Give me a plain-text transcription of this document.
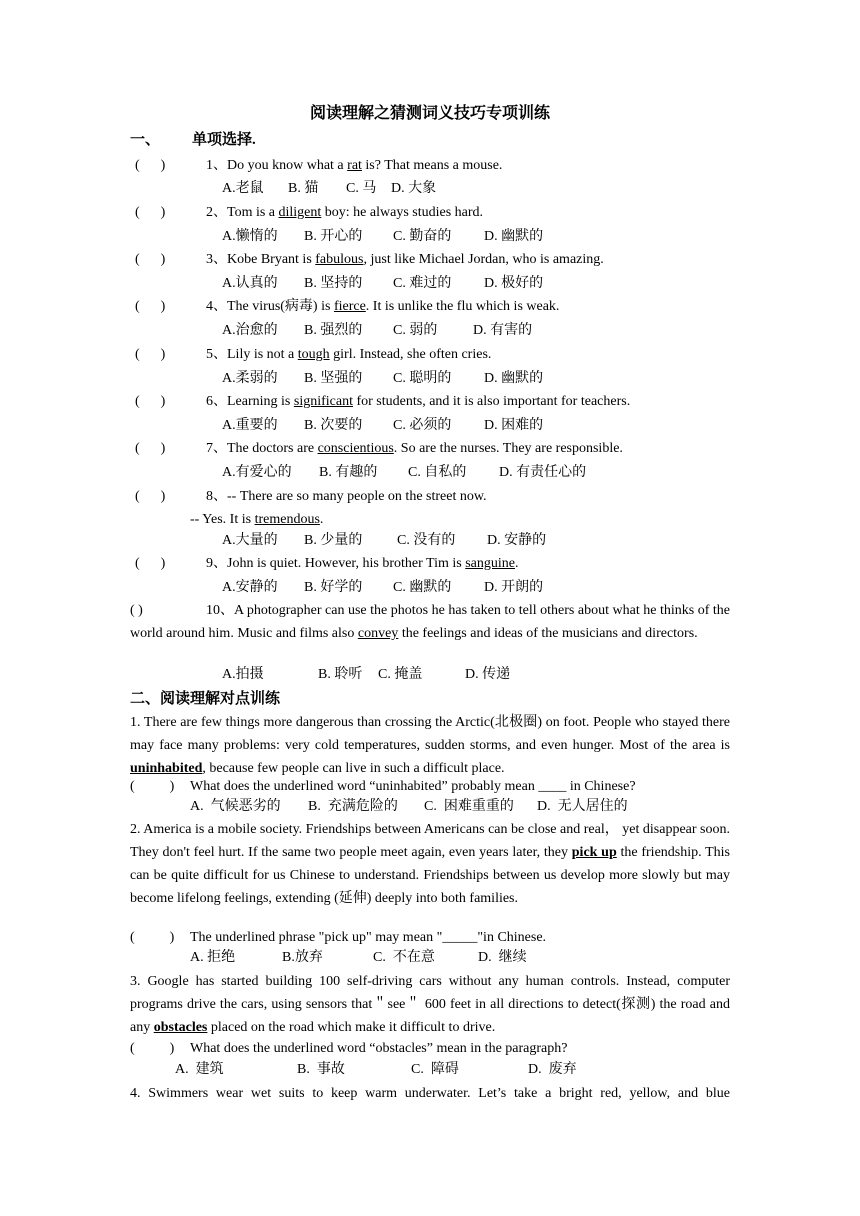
阅读理解之猜测词义技巧专项训练
一、 单项选择.
(      )	1、Do you know what a rat is? That means a mouse.
A.老鼠 B. 猫 C. 马 D. 大象
(      )	2、Tom is a diligent boy: he always studies hard.
A.懒惰的 B. 开心的 C. 勤奋的 D. 幽默的
(      )	3、Kobe Bryant is fabulous, just like Michael Jordan, who is amazing.
A.认真的 B. 坚持的 C. 难过的 D. 极好的
(      )	4、The virus(病毒) is fierce. It is unlike the flu which is weak.
A.治愈的 B. 强烈的 C. 弱的	D. 有害的
(      )	5、Lily is not a tough girl. Instead, she often cries.
A.柔弱的 B. 坚强的 C. 聪明的 D. 幽默的
(      )	6、Learning is significant for students, and it is also important for teachers.
A.重要的 B. 次要的 C. 必须的 D. 困难的
(      )	7、The doctors are conscientious. So are the nurses. They are responsible.
A.有爱心的 B. 有趣的 C. 自私的 D. 有责任心的
(      )	8、-- There are so many people on the street now.
-- Yes. It is tremendous.
A.大量的 B. 少量的 C. 没有的 D. 安静的
(      )	9、John is quiet. However, his brother Tim is sanguine.
A.安静的 B. 好学的 C. 幽默的 D. 开朗的
( )	10、A photographer can use the photos he has taken to tell others about what he thinks of the world around him. Music and films also convey the feelings and ideas of the musicians and directors.
A.拍摄	B. 聆听 C. 掩盖	D. 传递
二、阅读理解对点训练
1. There are few things more dangerous than crossing the Arctic(北极圈) on foot. People who stayed there may face many problems: very cold temperatures, sudden storms, and even hunger. Most of the area is uninhabited, because few people can live in such a difficult place.
(          ) What does the underlined word “uninhabited” probably mean ____ in Chinese?
A.  气候恶劣的 B.  充满危险的 C.  困难重重的 D.  无人居住的
2. America is a mobile society. Friendships between Americans can be close and real， yet disappear soon. They don't feel hurt. If the same two people meet again, even years later, they pick up the friendship. This can be quite difficult for us Chinese to understand. Friendships between us develop more slowly but may become lifelong feelings, extending (延伸) deeply into both families.
(          ) The underlined phrase "pick up" may mean "_____"in Chinese.
A. 拒绝	B.放弃	C.  不在意	D.  继续
3. Google has started building 100 self-driving cars without any human controls. Instead, computer programs drive the cars, using sensors that＂see＂ 600 feet in all directions to detect(探测) the road and any obstacles placed on the road which make it difficult to drive.
(          ) What does the underlined word “obstacles” mean in the paragraph?
A.  建筑	B.  事故	C.  障碍	D.  废弃
4. Swimmers wear wet suits to keep warm underwater. Let’s take a bright red, yellow, and blue
